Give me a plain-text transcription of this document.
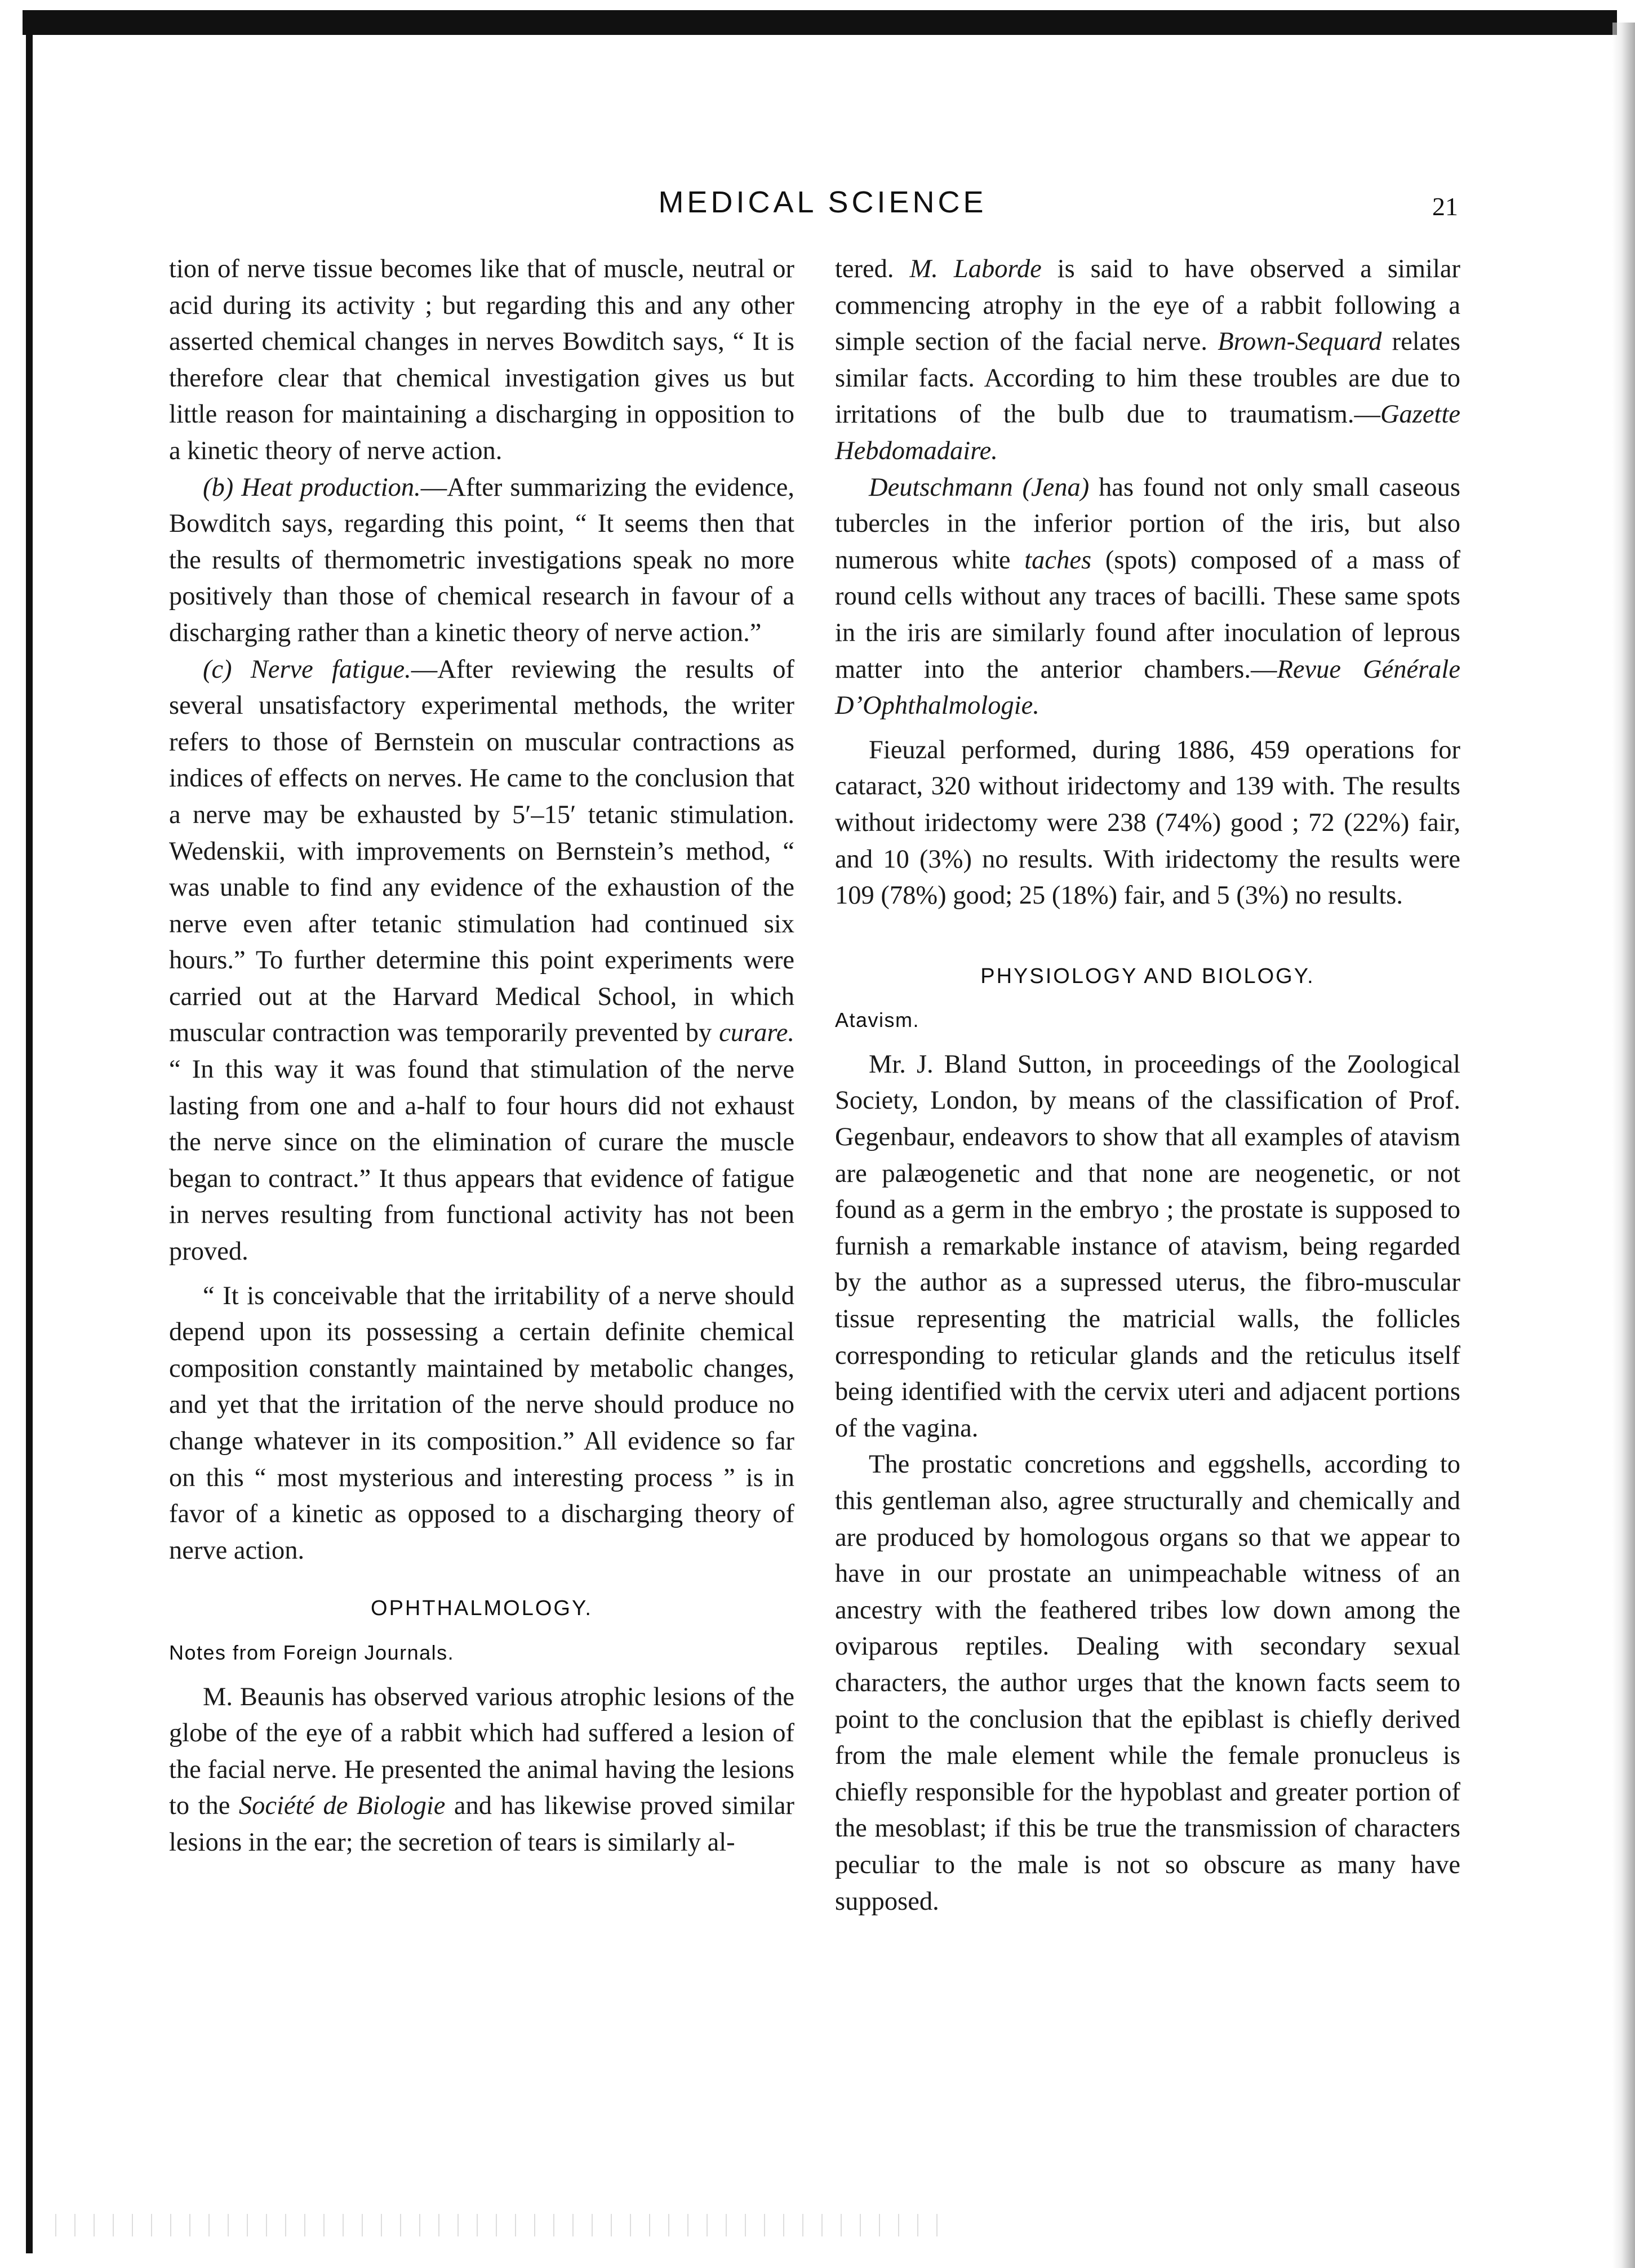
MEDICAL SCIENCE	21

tion of nerve tissue becomes like that of muscle, neutral or acid during its activity ; but regarding this and any other asserted chemical changes in nerves Bowditch says, “ It is therefore clear that chemical investigation gives us but little reason for maintaining a discharging in opposition to a kinetic theory of nerve action.

(b) Heat production.—After summarizing the evidence, Bowditch says, regarding this point, “ It seems then that the results of thermometric investigations speak no more positively than those of chemical research in favour of a discharging rather than a kinetic theory of nerve action.”

(c) Nerve fatigue.—After reviewing the results of several unsatisfactory experimental methods, the writer refers to those of Bernstein on muscular contractions as indices of effects on nerves. He came to the conclusion that a nerve may be exhausted by 5′–15′ tetanic stimulation. Wedenskii, with improvements on Bernstein’s method, “ was unable to find any evidence of the exhaustion of the nerve even after tetanic stimulation had continued six hours.” To further determine this point experiments were carried out at the Harvard Medical School, in which muscular contraction was temporarily prevented by curare. “ In this way it was found that stimulation of the nerve lasting from one and a-half to four hours did not exhaust the nerve since on the elimination of curare the muscle began to contract.” It thus appears that evidence of fatigue in nerves resulting from functional activity has not been proved.

“ It is conceivable that the irritability of a nerve should depend upon its possessing a certain definite chemical composition constantly maintained by metabolic changes, and yet that the irritation of the nerve should produce no change whatever in its composition.” All evidence so far on this “ most mysterious and interesting process ” is in favor of a kinetic as opposed to a discharging theory of nerve action.

OPHTHALMOLOGY.

Notes from Foreign Journals.

M. Beaunis has observed various atrophic lesions of the globe of the eye of a rabbit which had suffered a lesion of the facial nerve. He presented the animal having the lesions to the Société de Biologie and has likewise proved similar lesions in the ear; the secretion of tears is similarly al-

tered. M. Laborde is said to have observed a similar commencing atrophy in the eye of a rabbit following a simple section of the facial nerve. Brown-Sequard relates similar facts. According to him these troubles are due to irritations of the bulb due to traumatism.—Gazette Hebdomadaire.

Deutschmann (Jena) has found not only small caseous tubercles in the inferior portion of the iris, but also numerous white taches (spots) composed of a mass of round cells without any traces of bacilli. These same spots in the iris are similarly found after inoculation of leprous matter into the anterior chambers.—Revue Générale D’Ophthalmologie.

Fieuzal performed, during 1886, 459 operations for cataract, 320 without iridectomy and 139 with. The results without iridectomy were 238 (74%) good ; 72 (22%) fair, and 10 (3%) no results. With iridectomy the results were 109 (78%) good; 25 (18%) fair, and 5 (3%) no results.

PHYSIOLOGY AND BIOLOGY.

Atavism.

Mr. J. Bland Sutton, in proceedings of the Zoological Society, London, by means of the classification of Prof. Gegenbaur, endeavors to show that all examples of atavism are palæogenetic and that none are neogenetic, or not found as a germ in the embryo ; the prostate is supposed to furnish a remarkable instance of atavism, being regarded by the author as a supressed uterus, the fibro-muscular tissue representing the matricial walls, the follicles corresponding to reticular glands and the reticulus itself being identified with the cervix uteri and adjacent portions of the vagina.

The prostatic concretions and eggshells, according to this gentleman also, agree structurally and chemically and are produced by homologous organs so that we appear to have in our prostate an unimpeachable witness of an ancestry with the feathered tribes low down among the oviparous reptiles. Dealing with secondary sexual characters, the author urges that the known facts seem to point to the conclusion that the epiblast is chiefly derived from the male element while the female pronucleus is chiefly responsible for the hypoblast and greater portion of the mesoblast; if this be true the transmission of characters peculiar to the male is not so obscure as many have supposed.
